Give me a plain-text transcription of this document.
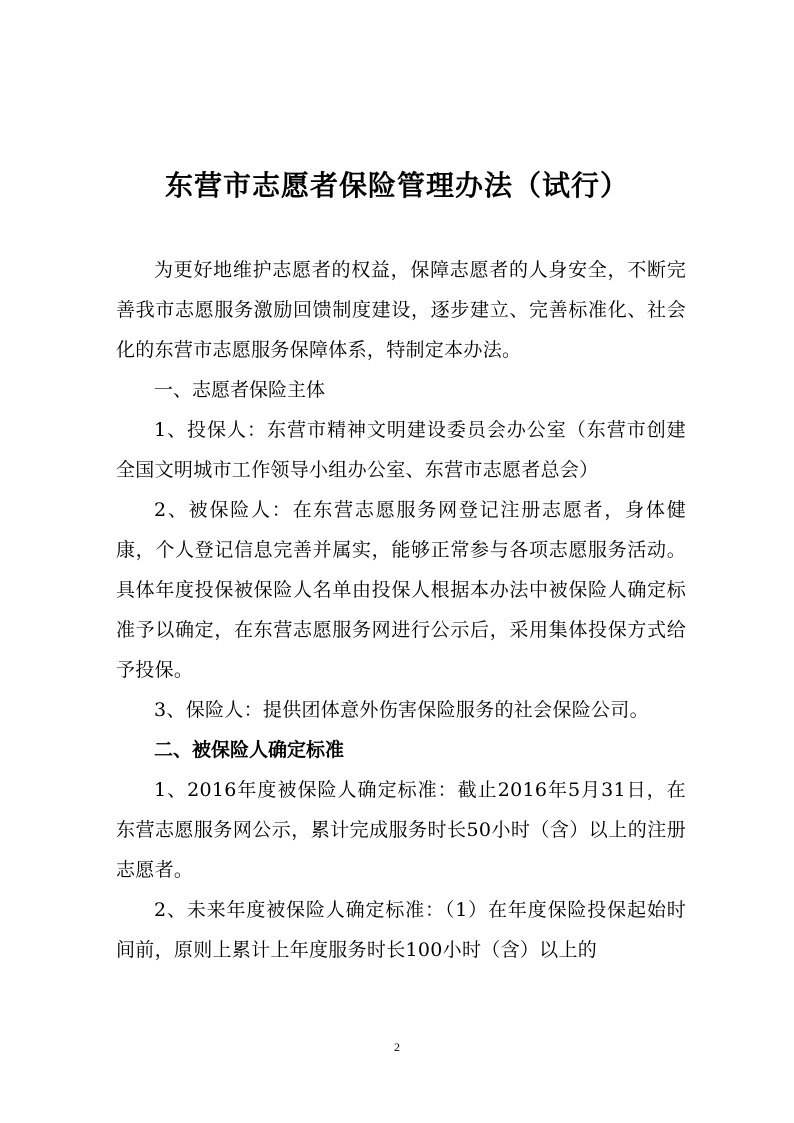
东营市志愿者保险管理办法（试行）

为更好地维护志愿者的权益，保障志愿者的人身安全，不断完善我市志愿服务激励回馈制度建设，逐步建立、完善标准化、社会化的东营市志愿服务保障体系，特制定本办法。

一、志愿者保险主体

1、投保人：东营市精神文明建设委员会办公室（东营市创建全国文明城市工作领导小组办公室、东营市志愿者总会）

2、被保险人：在东营志愿服务网登记注册志愿者，身体健康，个人登记信息完善并属实，能够正常参与各项志愿服务活动。具体年度投保被保险人名单由投保人根据本办法中被保险人确定标准予以确定，在东营志愿服务网进行公示后，采用集体投保方式给予投保。

3、保险人：提供团体意外伤害保险服务的社会保险公司。

二、被保险人确定标准

1、2016年度被保险人确定标准：截止2016年5月31日，在东营志愿服务网公示，累计完成服务时长50小时（含）以上的注册志愿者。

2、未来年度被保险人确定标准：（1）在年度保险投保起始时间前，原则上累计上年度服务时长100小时（含）以上的

2
